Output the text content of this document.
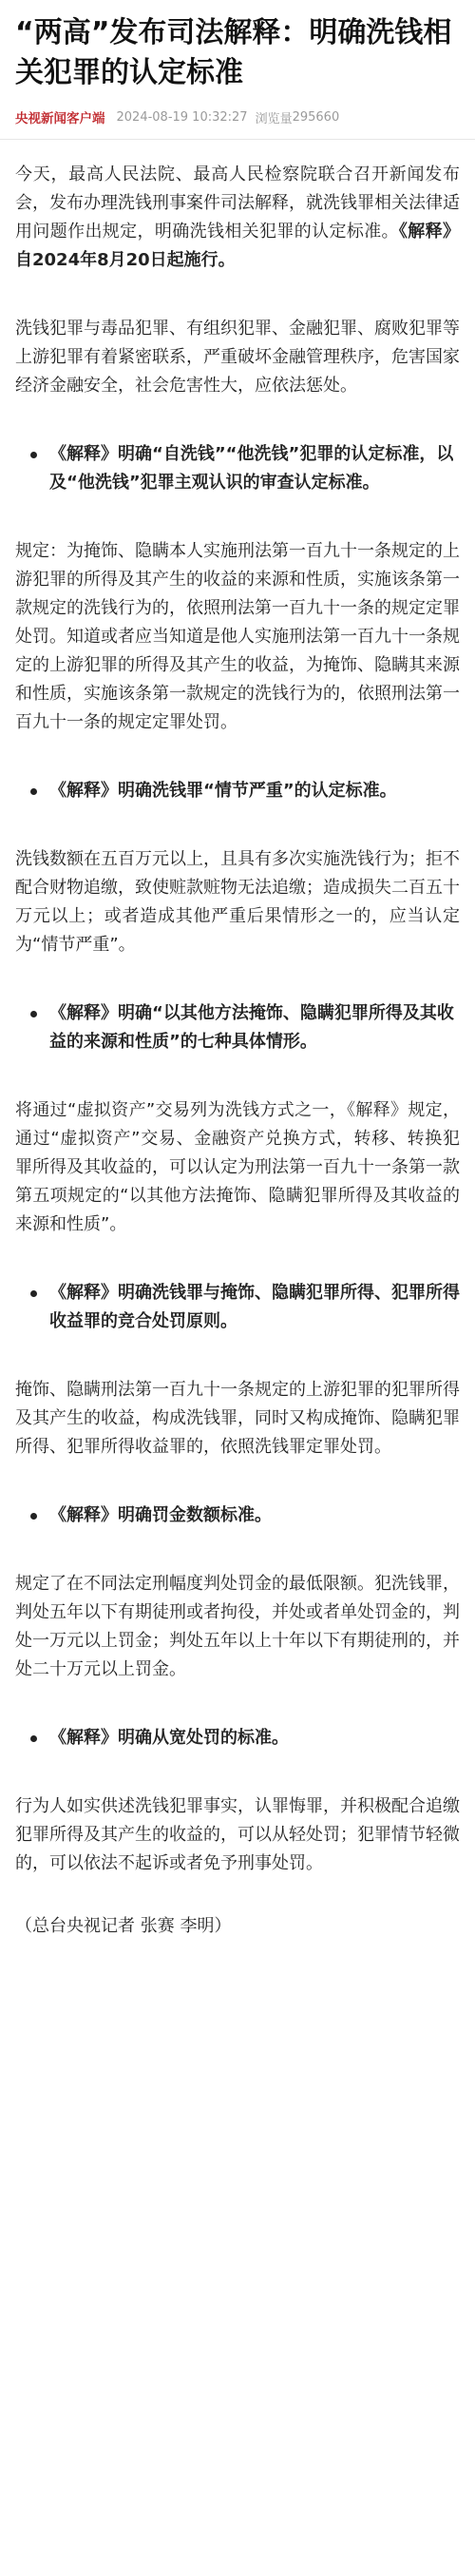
“两高”发布司法解释：明确洗钱相关犯罪的认定标准
央视新闻客户端 2024-08-19 10:32:27 浏览量 295660

今天，最高人民法院、最高人民检察院联合召开新闻发布会，发布办理洗钱刑事案件司法解释，就洗钱罪相关法律适用问题作出规定，明确洗钱相关犯罪的认定标准。《解释》自2024年8月20日起施行。

洗钱犯罪与毒品犯罪、有组织犯罪、金融犯罪、腐败犯罪等上游犯罪有着紧密联系，严重破坏金融管理秩序，危害国家经济金融安全，社会危害性大，应依法惩处。

《解释》明确“自洗钱”“他洗钱”犯罪的认定标准，以及“他洗钱”犯罪主观认识的审查认定标准。

规定：为掩饰、隐瞒本人实施刑法第一百九十一条规定的上游犯罪的所得及其产生的收益的来源和性质，实施该条第一款规定的洗钱行为的，依照刑法第一百九十一条的规定定罪处罚。知道或者应当知道是他人实施刑法第一百九十一条规定的上游犯罪的所得及其产生的收益，为掩饰、隐瞒其来源和性质，实施该条第一款规定的洗钱行为的，依照刑法第一百九十一条的规定定罪处罚。

《解释》明确洗钱罪“情节严重”的认定标准。

洗钱数额在五百万元以上，且具有多次实施洗钱行为；拒不配合财物追缴，致使赃款赃物无法追缴；造成损失二百五十万元以上；或者造成其他严重后果情形之一的，应当认定为“情节严重”。

《解释》明确“以其他方法掩饰、隐瞒犯罪所得及其收益的来源和性质”的七种具体情形。

将通过“虚拟资产”交易列为洗钱方式之一，《解释》规定，通过“虚拟资产”交易、金融资产兑换方式，转移、转换犯罪所得及其收益的，可以认定为刑法第一百九十一条第一款第五项规定的“以其他方法掩饰、隐瞒犯罪所得及其收益的来源和性质”。

《解释》明确洗钱罪与掩饰、隐瞒犯罪所得、犯罪所得收益罪的竞合处罚原则。

掩饰、隐瞒刑法第一百九十一条规定的上游犯罪的犯罪所得及其产生的收益，构成洗钱罪，同时又构成掩饰、隐瞒犯罪所得、犯罪所得收益罪的，依照洗钱罪定罪处罚。

《解释》明确罚金数额标准。

规定了在不同法定刑幅度判处罚金的最低限额。犯洗钱罪，判处五年以下有期徒刑或者拘役，并处或者单处罚金的，判处一万元以上罚金；判处五年以上十年以下有期徒刑的，并处二十万元以上罚金。

《解释》明确从宽处罚的标准。

行为人如实供述洗钱犯罪事实，认罪悔罪，并积极配合追缴犯罪所得及其产生的收益的，可以从轻处罚；犯罪情节轻微的，可以依法不起诉或者免予刑事处罚。

（总台央视记者 张赛 李明）
